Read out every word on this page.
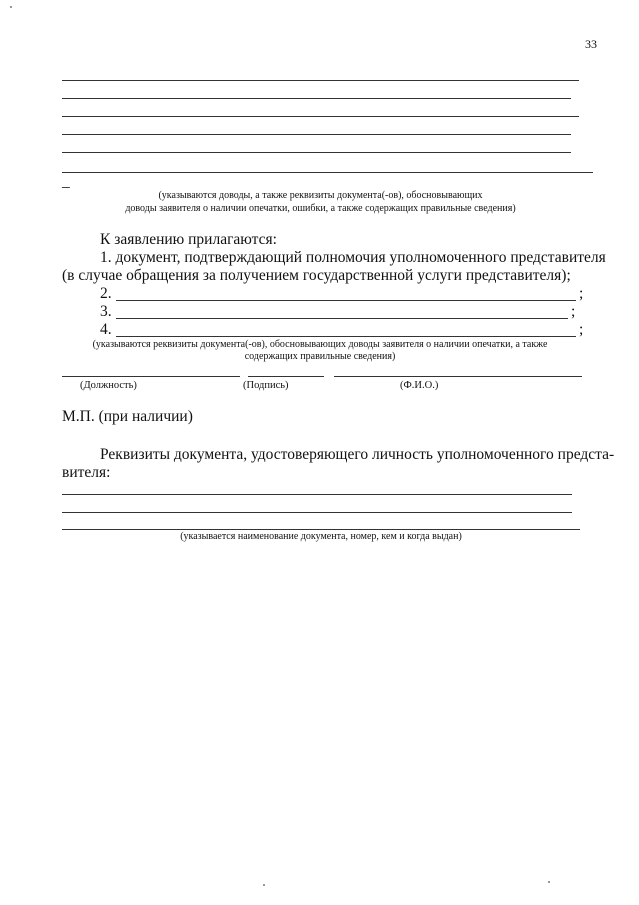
33
_
(указываются доводы, а также реквизиты документа(-ов), обосновывающих
доводы заявителя о наличии опечатки, ошибки, а также содержащих правильные сведения)
К заявлению прилагаются:
1. документ, подтверждающий полномочия уполномоченного представителя
(в случае обращения за получением государственной услуги представителя);
2.	;
3.	;
4.	;
(указываются реквизиты документа(-ов), обосновывающих доводы заявителя о наличии опечатки, а также
содержащих правильные сведения)
(Должность)	(Подпись)	(Ф.И.О.)
М.П. (при наличии)
Реквизиты документа, удостоверяющего личность уполномоченного предста-
вителя:
(указывается наименование документа, номер, кем и когда выдан)
